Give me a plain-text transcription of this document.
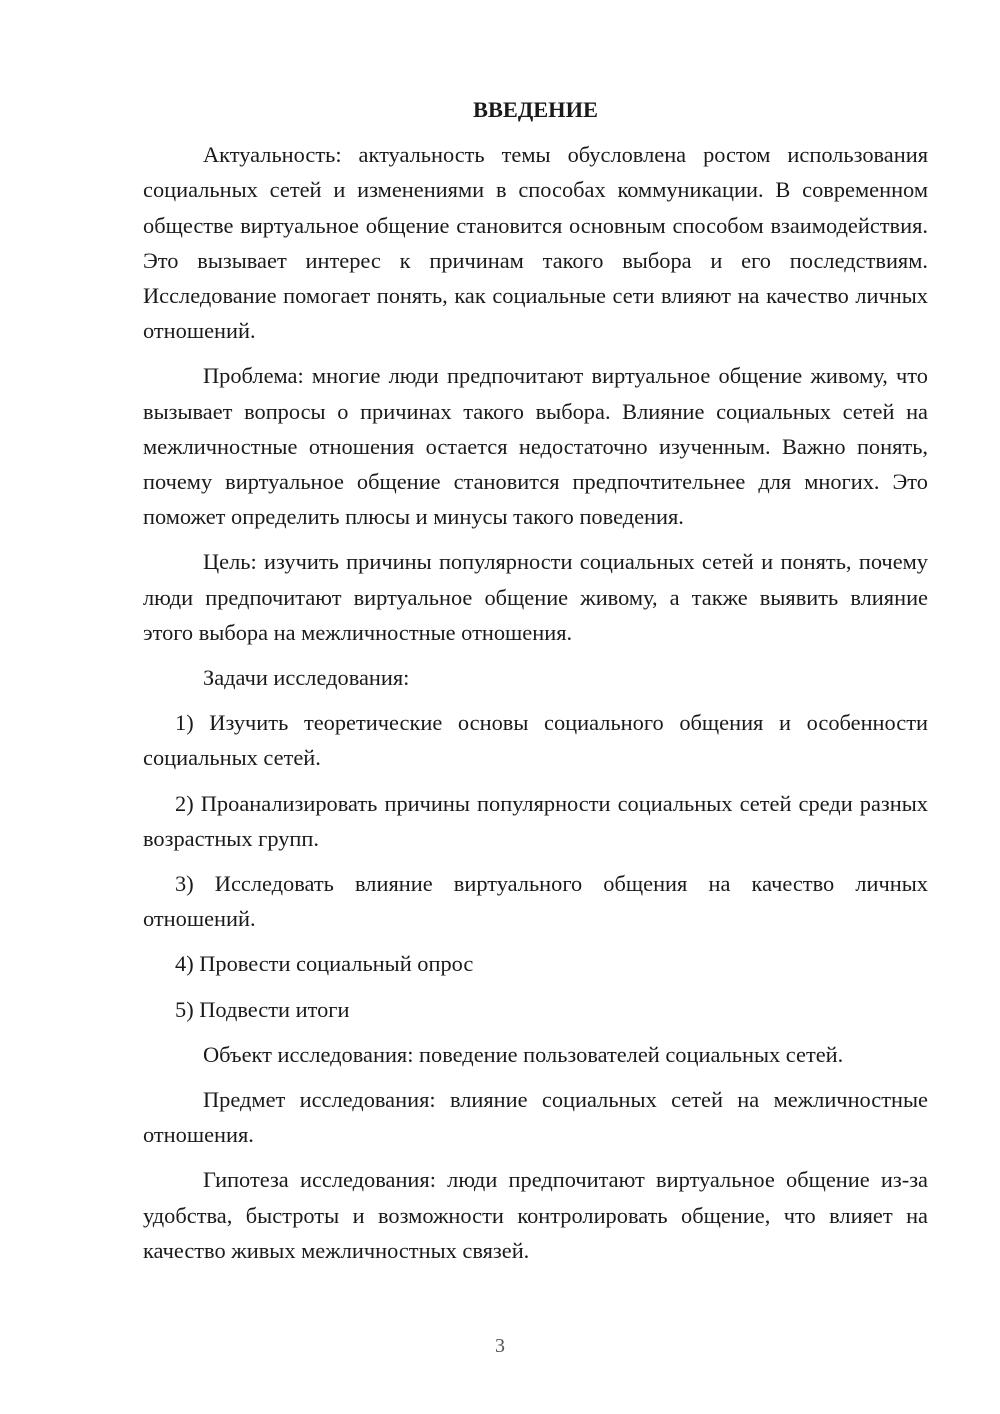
ВВЕДЕНИЕ

Актуальность: актуальность темы обусловлена ростом использования социальных сетей и изменениями в способах коммуникации. В современном обществе виртуальное общение становится основным способом взаимодействия. Это вызывает интерес к причинам такого выбора и его последствиям. Исследование помогает понять, как социальные сети влияют на качество личных отношений.

Проблема: многие люди предпочитают виртуальное общение живому, что вызывает вопросы о причинах такого выбора. Влияние социальных сетей на межличностные отношения остается недостаточно изученным. Важно понять, почему виртуальное общение становится предпочтительнее для многих. Это поможет определить плюсы и минусы такого поведения.

Цель: изучить причины популярности социальных сетей и понять, почему люди предпочитают виртуальное общение живому, а также выявить влияние этого выбора на межличностные отношения.

Задачи исследования:

1) Изучить теоретические основы социального общения и особенности социальных сетей.

2) Проанализировать причины популярности социальных сетей среди разных возрастных групп.

3) Исследовать влияние виртуального общения на качество личных отношений.

4) Провести социальный опрос

5) Подвести итоги

Объект исследования: поведение пользователей социальных сетей.

Предмет исследования: влияние социальных сетей на межличностные отношения.

Гипотеза исследования: люди предпочитают виртуальное общение из-за удобства, быстроты и возможности контролировать общение, что влияет на качество живых межличностных связей.

3
